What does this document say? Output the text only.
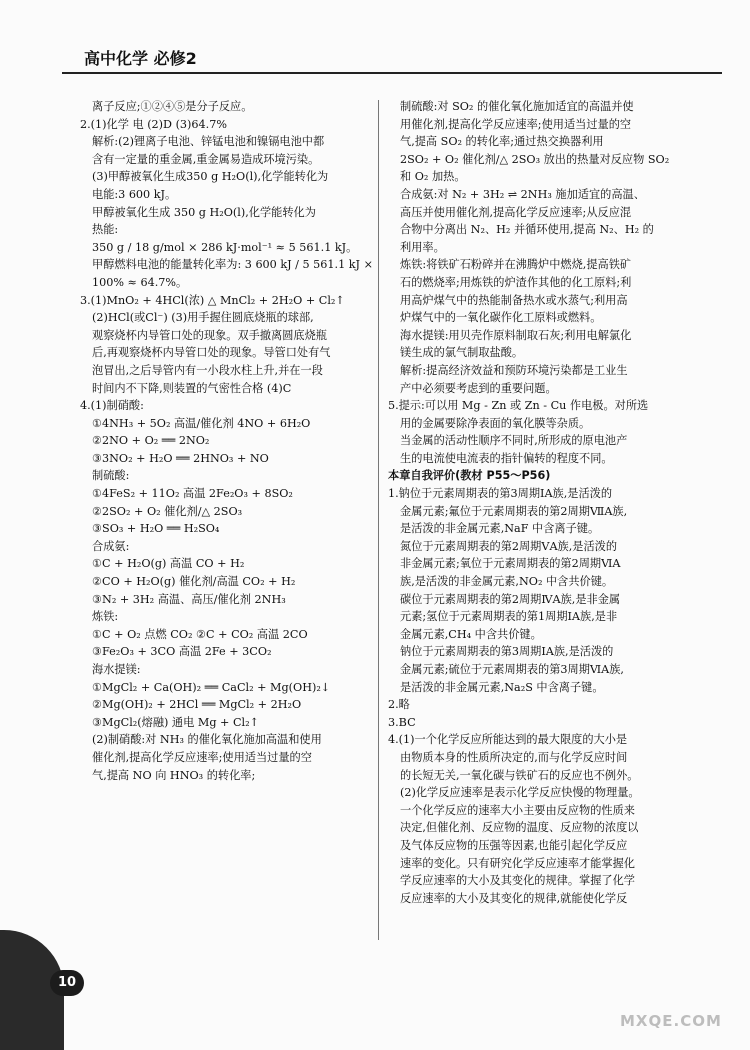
高中化学 必修2

离子反应;①②④⑤是分子反应。

2.(1)化学 电 (2)D (3)64.7%

解析:(2)锂离子电池、锌锰电池和镍镉电池中都

含有一定量的重金属,重金属易造成环境污染。

(3)甲醇被氧化生成350 g H₂O(l),化学能转化为

电能:3 600 kJ。

甲醇被氧化生成 350 g H₂O(l),化学能转化为

热能:

350 g / 18 g/mol × 286 kJ·mol⁻¹ ≈ 5 561.1 kJ。

甲醇燃料电池的能量转化率为: 3 600 kJ / 5 561.1 kJ ×

100% ≈ 64.7%。

3.(1)MnO₂ + 4HCl(浓) △ MnCl₂ + 2H₂O + Cl₂↑

(2)HCl(或Cl⁻) (3)用手握住圆底烧瓶的球部,

观察烧杯内导管口处的现象。双手撤离圆底烧瓶

后,再观察烧杯内导管口处的现象。导管口处有气

泡冒出,之后导管内有一小段水柱上升,并在一段

时间内不下降,则装置的气密性合格 (4)C

4.(1)制硝酸:

①4NH₃ + 5O₂ 高温/催化剂 4NO + 6H₂O

②2NO + O₂ ══ 2NO₂

③3NO₂ + H₂O ══ 2HNO₃ + NO

制硫酸:

①4FeS₂ + 11O₂ 高温 2Fe₂O₃ + 8SO₂

②2SO₂ + O₂ 催化剂/△ 2SO₃

③SO₃ + H₂O ══ H₂SO₄

合成氨:

①C + H₂O(g) 高温 CO + H₂

②CO + H₂O(g) 催化剂/高温 CO₂ + H₂

③N₂ + 3H₂ 高温、高压/催化剂 2NH₃

炼铁:

①C + O₂ 点燃 CO₂ ②C + CO₂ 高温 2CO

③Fe₂O₃ + 3CO 高温 2Fe + 3CO₂

海水提镁:

①MgCl₂ + Ca(OH)₂ ══ CaCl₂ + Mg(OH)₂↓

②Mg(OH)₂ + 2HCl ══ MgCl₂ + 2H₂O

③MgCl₂(熔融) 通电 Mg + Cl₂↑

(2)制硝酸:对 NH₃ 的催化氧化施加高温和使用

催化剂,提高化学反应速率;使用适当过量的空

气,提高 NO 向 HNO₃ 的转化率;

制硫酸:对 SO₂ 的催化氧化施加适宜的高温并使

用催化剂,提高化学反应速率;使用适当过量的空

气,提高 SO₂ 的转化率;通过热交换器利用

2SO₂ + O₂ 催化剂/△ 2SO₃ 放出的热量对反应物 SO₂

和 O₂ 加热。

合成氨:对 N₂ + 3H₂ ⇌ 2NH₃ 施加适宜的高温、

高压并使用催化剂,提高化学反应速率;从反应混

合物中分离出 N₂、H₂ 并循环使用,提高 N₂、H₂ 的

利用率。

炼铁:将铁矿石粉碎并在沸腾炉中燃烧,提高铁矿

石的燃烧率;用炼铁的炉渣作其他的化工原料;利

用高炉煤气中的热能制备热水或水蒸气;利用高

炉煤气中的一氧化碳作化工原料或燃料。

海水提镁:用贝壳作原料制取石灰;利用电解氯化

镁生成的氯气制取盐酸。

解析:提高经济效益和预防环境污染都是工业生

产中必须要考虑到的重要问题。

5.提示:可以用 Mg - Zn 或 Zn - Cu 作电极。对所选

用的金属要除净表面的氧化膜等杂质。

当金属的活动性顺序不同时,所形成的原电池产

生的电流使电流表的指针偏转的程度不同。

本章自我评价(教材 P55～P56)

1.钠位于元素周期表的第3周期ⅠA族,是活泼的

金属元素;氟位于元素周期表的第2周期ⅦA族,

是活泼的非金属元素,NaF 中含离子键。

氮位于元素周期表的第2周期ⅤA族,是活泼的

非金属元素;氧位于元素周期表的第2周期ⅥA

族,是活泼的非金属元素,NO₂ 中含共价键。

碳位于元素周期表的第2周期ⅣA族,是非金属

元素;氢位于元素周期表的第1周期ⅠA族,是非

金属元素,CH₄ 中含共价键。

钠位于元素周期表的第3周期ⅠA族,是活泼的

金属元素;硫位于元素周期表的第3周期ⅥA族,

是活泼的非金属元素,Na₂S 中含离子键。

2.略

3.BC

4.(1)一个化学反应所能达到的最大限度的大小是

由物质本身的性质所决定的,而与化学反应时间

的长短无关,一氧化碳与铁矿石的反应也不例外。

(2)化学反应速率是表示化学反应快慢的物理量。

一个化学反应的速率大小主要由反应物的性质来

决定,但催化剂、反应物的温度、反应物的浓度以

及气体反应物的压强等因素,也能引起化学反应

速率的变化。只有研究化学反应速率才能掌握化

学反应速率的大小及其变化的规律。掌握了化学

反应速率的大小及其变化的规律,就能使化学反

10
MXQE.COM
